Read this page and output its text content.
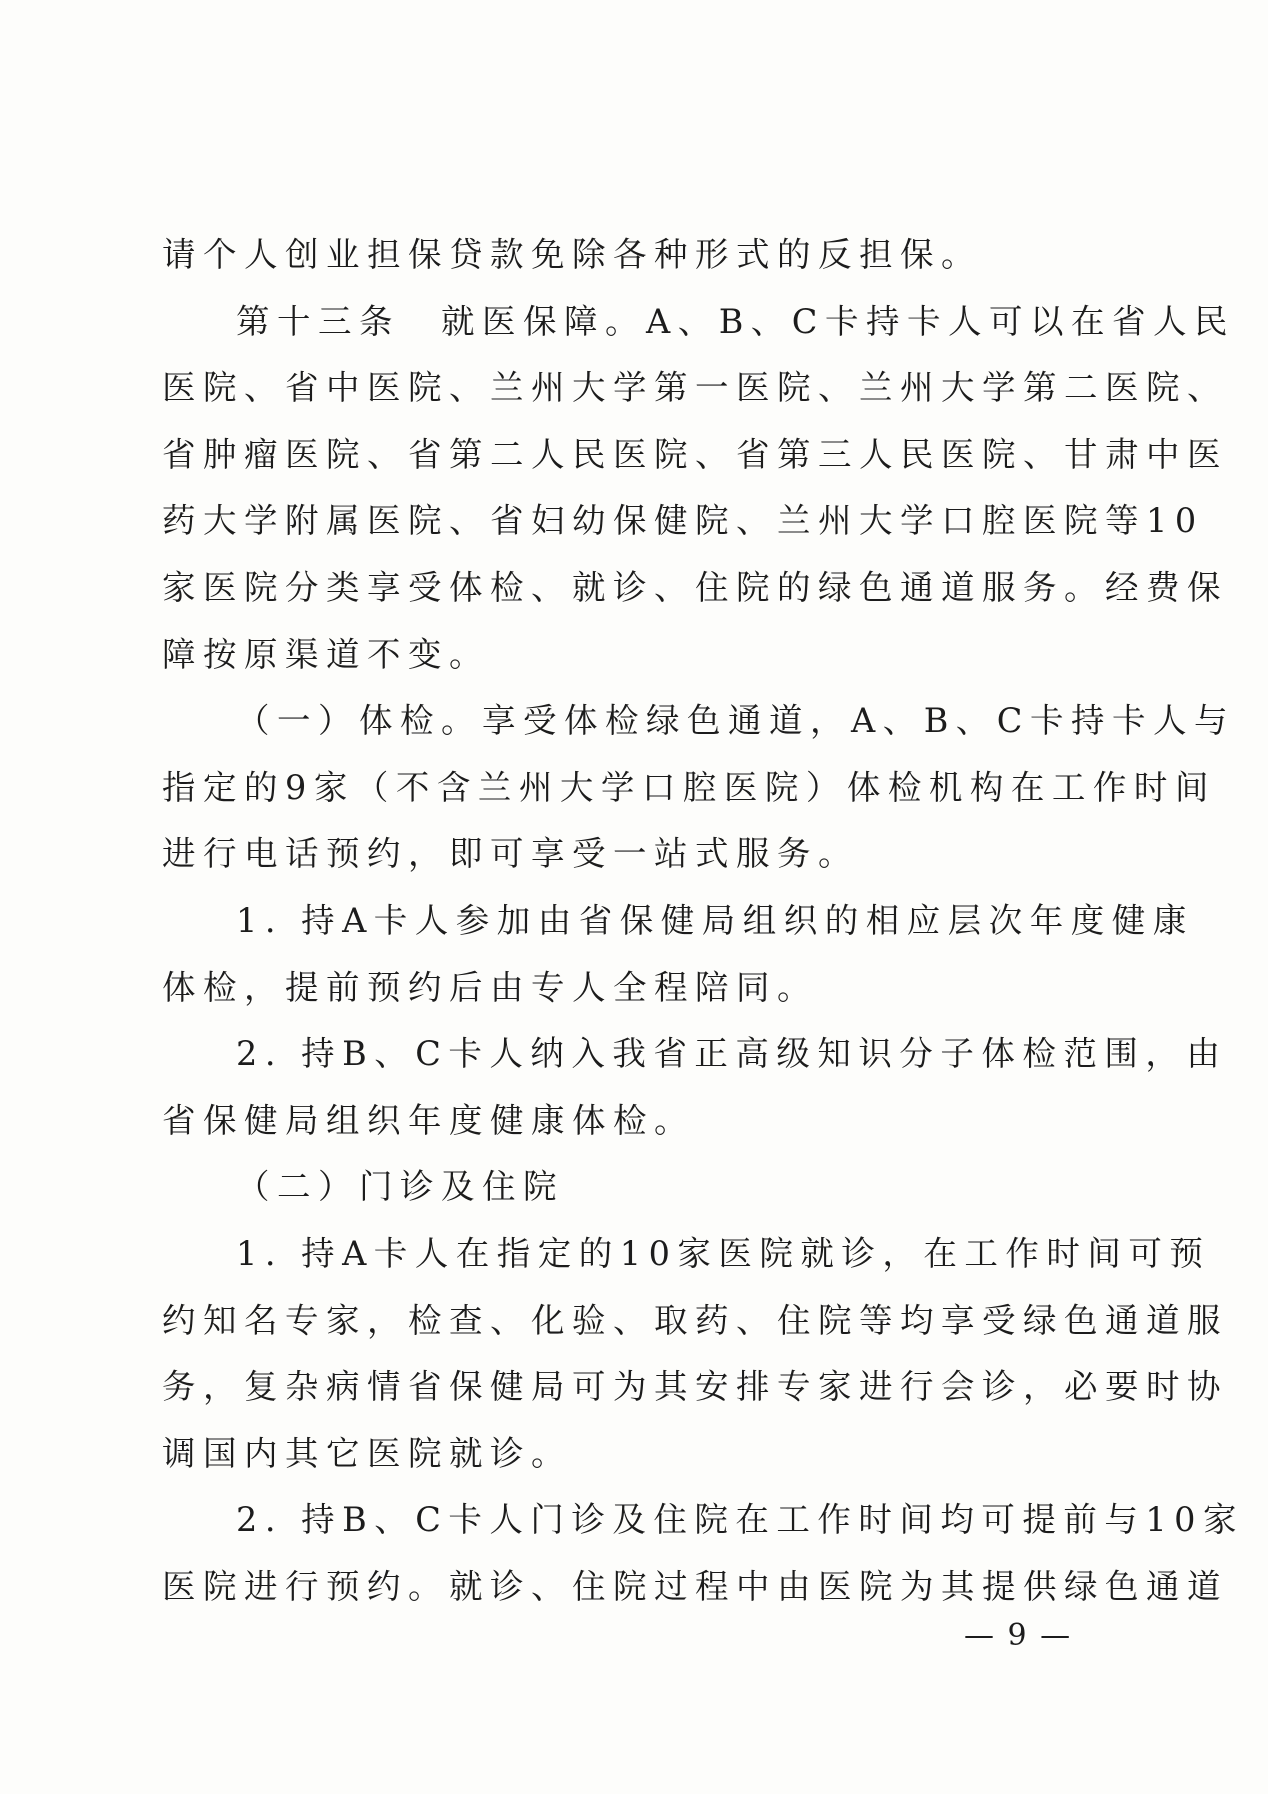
请个人创业担保贷款免除各种形式的反担保。
第十三条　就医保障。A、B、C卡持卡人可以在省人民
医院、省中医院、兰州大学第一医院、兰州大学第二医院、
省肿瘤医院、省第二人民医院、省第三人民医院、甘肃中医
药大学附属医院、省妇幼保健院、兰州大学口腔医院等10
家医院分类享受体检、就诊、住院的绿色通道服务。经费保
障按原渠道不变。
（一）体检。享受体检绿色通道，A、B、C卡持卡人与
指定的9家（不含兰州大学口腔医院）体检机构在工作时间
进行电话预约，即可享受一站式服务。
1. 持A卡人参加由省保健局组织的相应层次年度健康
体检，提前预约后由专人全程陪同。
2. 持B、C卡人纳入我省正高级知识分子体检范围，由
省保健局组织年度健康体检。
（二）门诊及住院
1. 持A卡人在指定的10家医院就诊，在工作时间可预
约知名专家，检查、化验、取药、住院等均享受绿色通道服
务，复杂病情省保健局可为其安排专家进行会诊，必要时协
调国内其它医院就诊。
2. 持B、C卡人门诊及住院在工作时间均可提前与10家
医院进行预约。就诊、住院过程中由医院为其提供绿色通道
— 9 —
